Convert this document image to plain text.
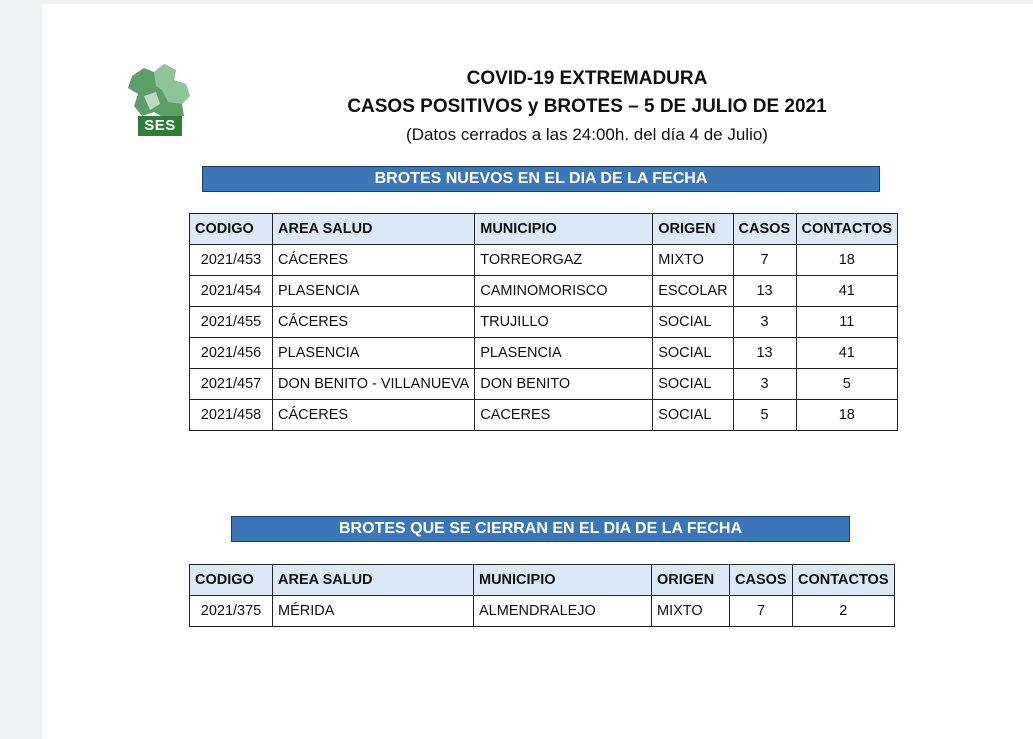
SES
COVID-19 EXTREMADURA
CASOS POSITIVOS y BROTES – 5 DE JULIO DE 2021
(Datos cerrados a las 24:00h. del día 4 de Julio)
BROTES NUEVOS EN EL DIA DE LA FECHA
CODIGO	AREA SALUD	MUNICIPIO	ORIGEN	CASOS	CONTACTOS
2021/453	CÁCERES	TORREORGAZ	MIXTO	7	18
2021/454	PLASENCIA	CAMINOMORISCO	ESCOLAR	13	41
2021/455	CÁCERES	TRUJILLO	SOCIAL	3	11
2021/456	PLASENCIA	PLASENCIA	SOCIAL	13	41
2021/457	DON BENITO - VILLANUEVA	DON BENITO	SOCIAL	3	5
2021/458	CÁCERES	CACERES	SOCIAL	5	18
BROTES QUE SE CIERRAN EN EL DIA DE LA FECHA
CODIGO	AREA SALUD	MUNICIPIO	ORIGEN	CASOS	CONTACTOS
2021/375	MÉRIDA	ALMENDRALEJO	MIXTO	7	2
